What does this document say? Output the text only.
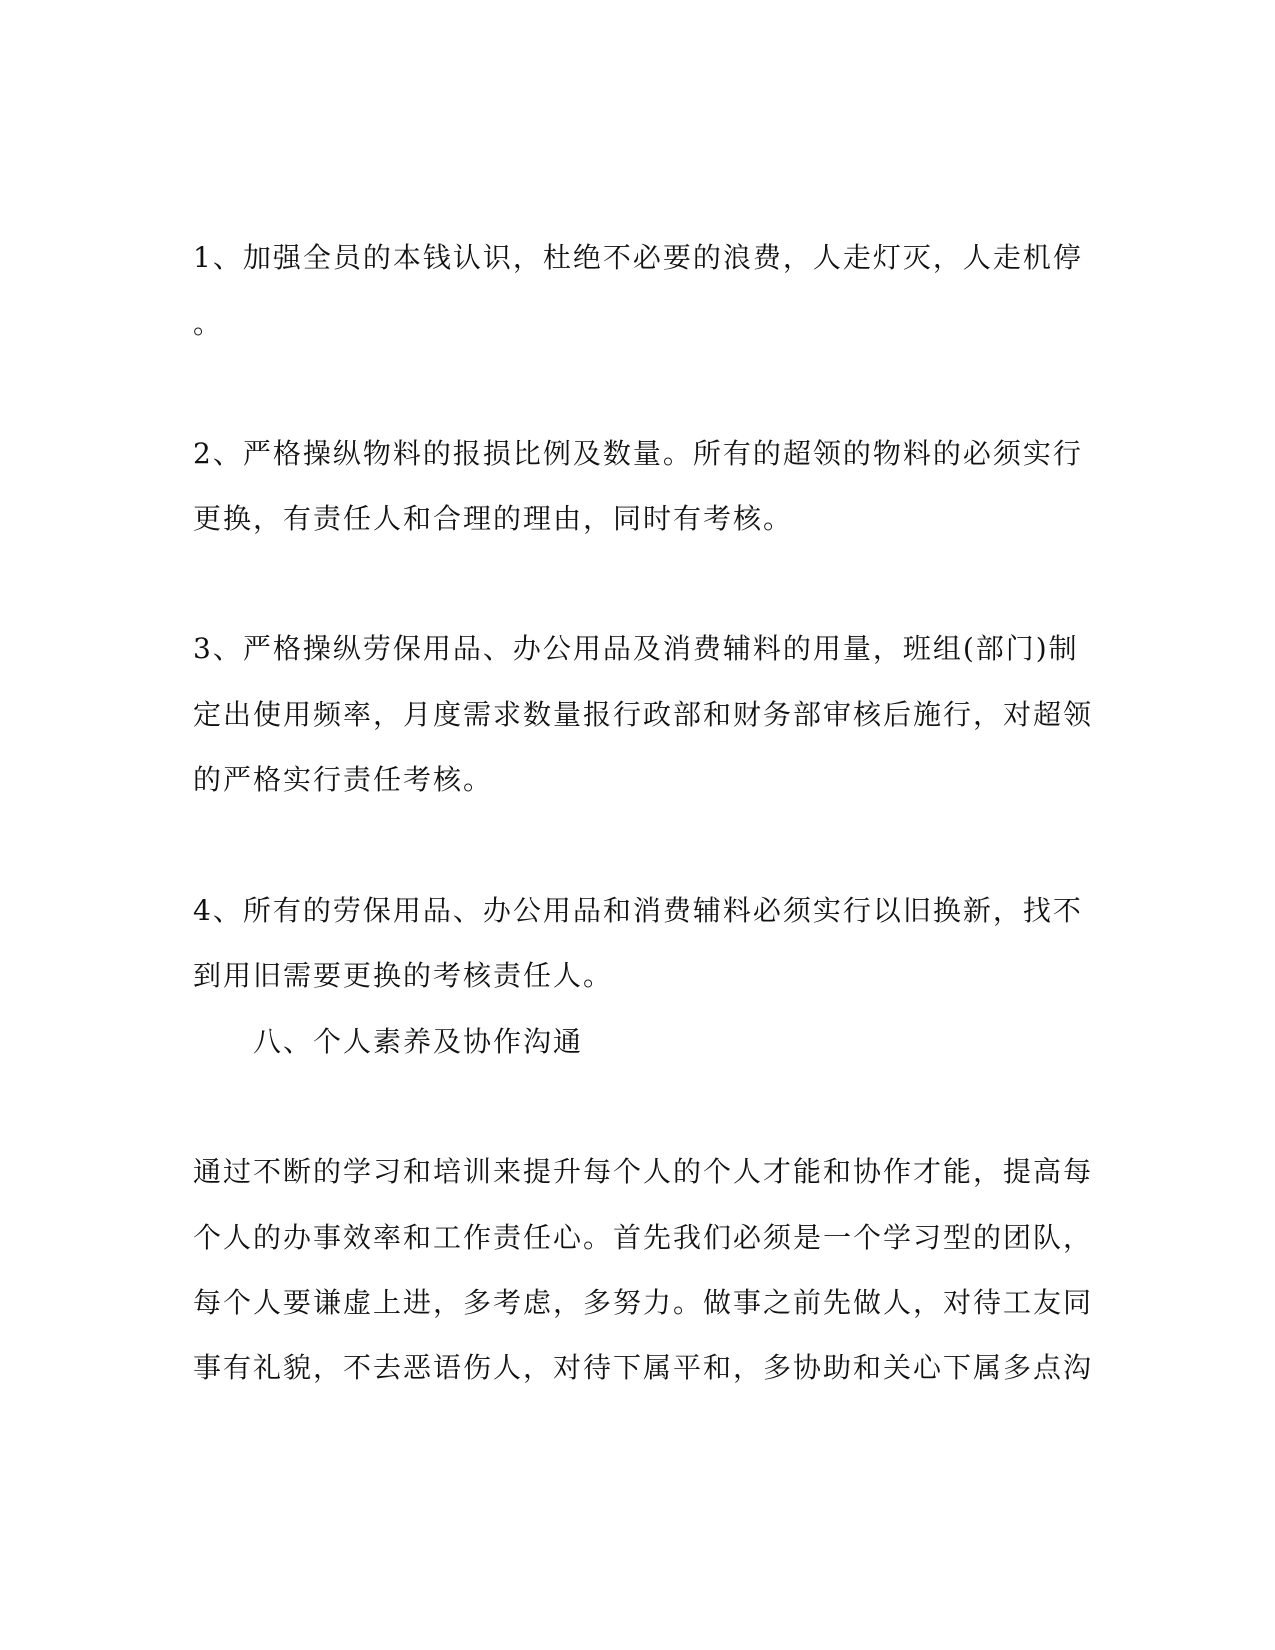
1、加强全员的本钱认识，杜绝不必要的浪费，人走灯灭，人走机停
。
2、严格操纵物料的报损比例及数量。所有的超领的物料的必须实行
更换，有责任人和合理的理由，同时有考核。
3、严格操纵劳保用品、办公用品及消费辅料的用量，班组(部门)制
定出使用频率，月度需求数量报行政部和财务部审核后施行，对超领
的严格实行责任考核。
4、所有的劳保用品、办公用品和消费辅料必须实行以旧换新，找不
到用旧需要更换的考核责任人。
八、个人素养及协作沟通
通过不断的学习和培训来提升每个人的个人才能和协作才能，提高每
个人的办事效率和工作责任心。首先我们必须是一个学习型的团队，
每个人要谦虚上进，多考虑，多努力。做事之前先做人，对待工友同
事有礼貌，不去恶语伤人，对待下属平和，多协助和关心下属多点沟
